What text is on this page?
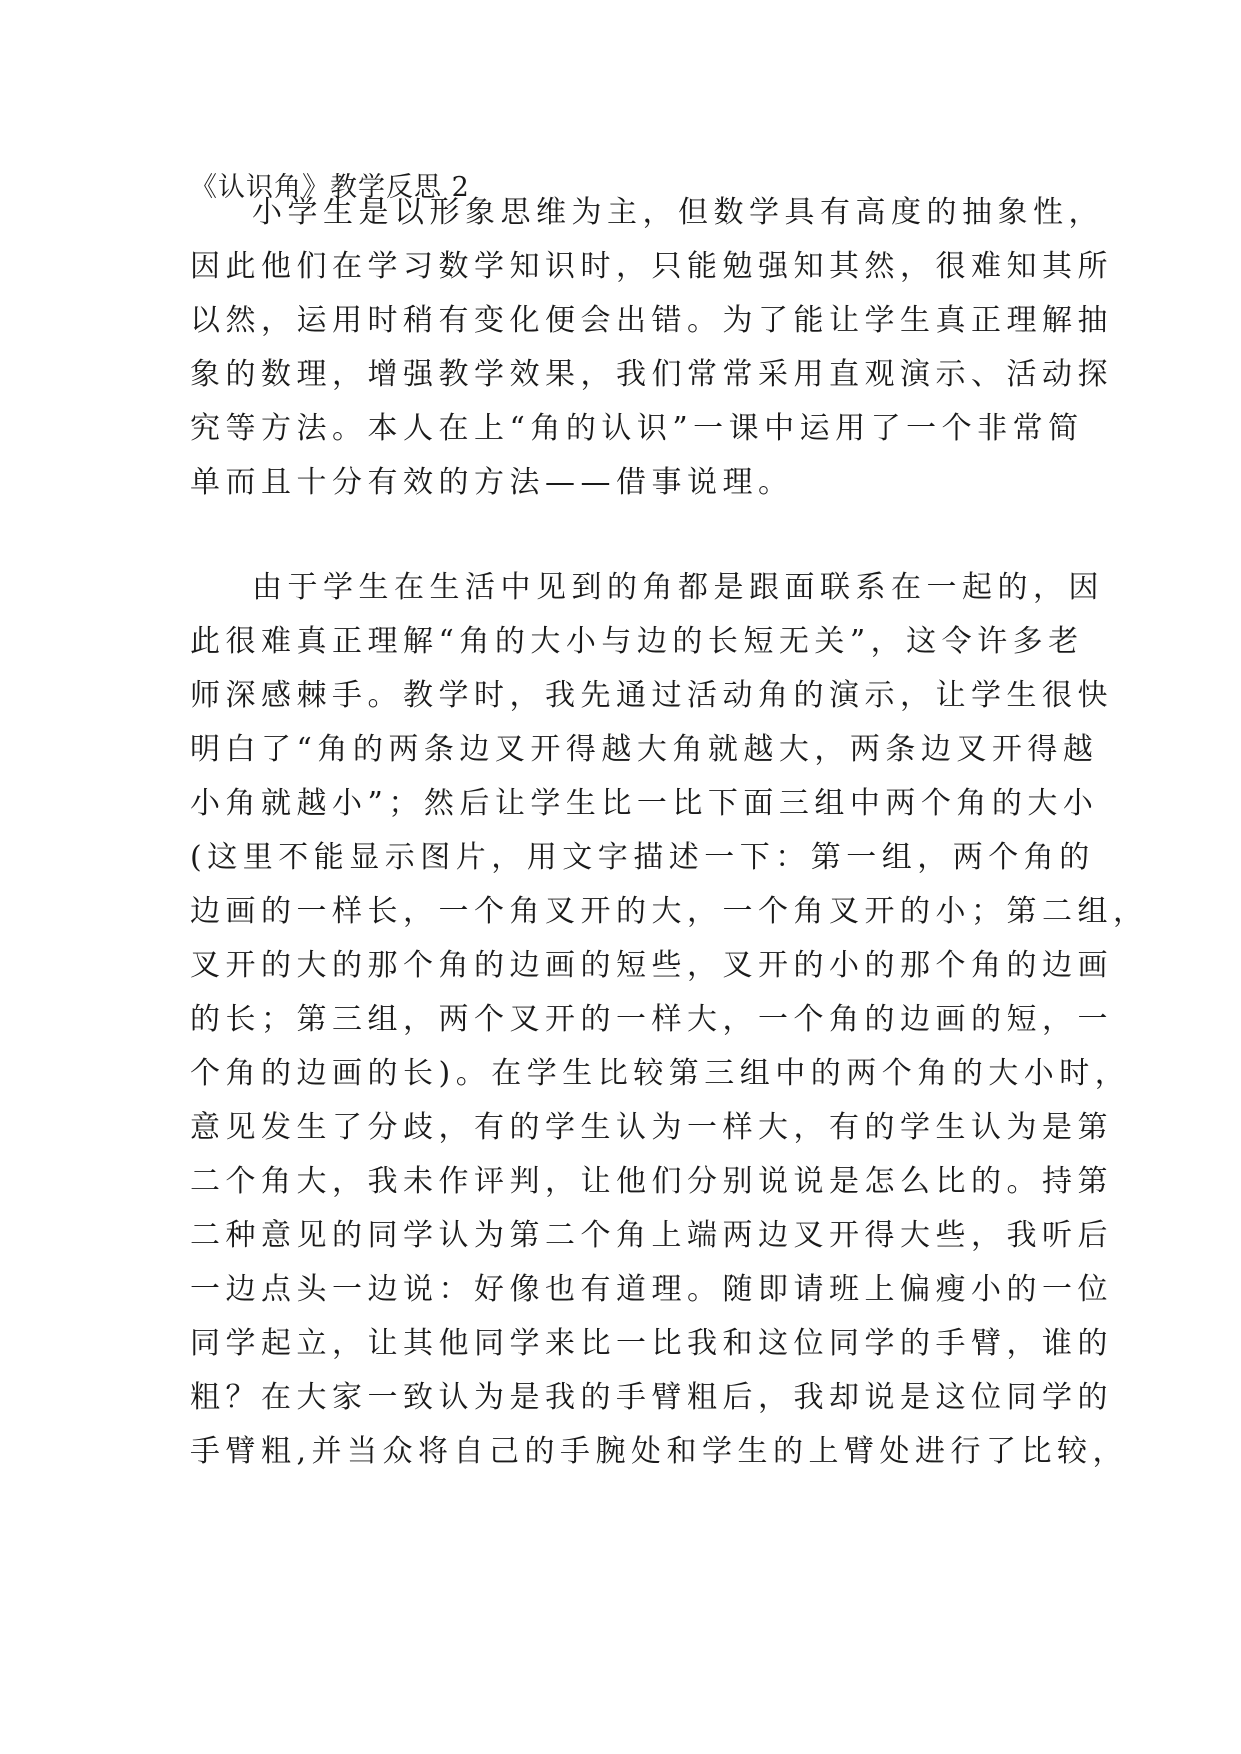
《认识角》教学反思 2
小学生是以形象思维为主，但数学具有高度的抽象性，
因此他们在学习数学知识时，只能勉强知其然，很难知其所
以然，运用时稍有变化便会出错。为了能让学生真正理解抽
象的数理，增强教学效果，我们常常采用直观演示、活动探
究等方法。本人在上“角的认识”一课中运用了一个非常简
单而且十分有效的方法——借事说理。
由于学生在生活中见到的角都是跟面联系在一起的，因
此很难真正理解“角的大小与边的长短无关”，这令许多老
师深感棘手。教学时，我先通过活动角的演示，让学生很快
明白了“角的两条边叉开得越大角就越大，两条边叉开得越
小角就越小”；然后让学生比一比下面三组中两个角的大小
(这里不能显示图片，用文字描述一下：第一组，两个角的
边画的一样长，一个角叉开的大，一个角叉开的小；第二组，
叉开的大的那个角的边画的短些，叉开的小的那个角的边画
的长；第三组，两个叉开的一样大，一个角的边画的短，一
个角的边画的长)。在学生比较第三组中的两个角的大小时，
意见发生了分歧，有的学生认为一样大，有的学生认为是第
二个角大，我未作评判，让他们分别说说是怎么比的。持第
二种意见的同学认为第二个角上端两边叉开得大些，我听后
一边点头一边说：好像也有道理。随即请班上偏瘦小的一位
同学起立，让其他同学来比一比我和这位同学的手臂，谁的
粗？在大家一致认为是我的手臂粗后，我却说是这位同学的
手臂粗,并当众将自己的手腕处和学生的上臂处进行了比较，
